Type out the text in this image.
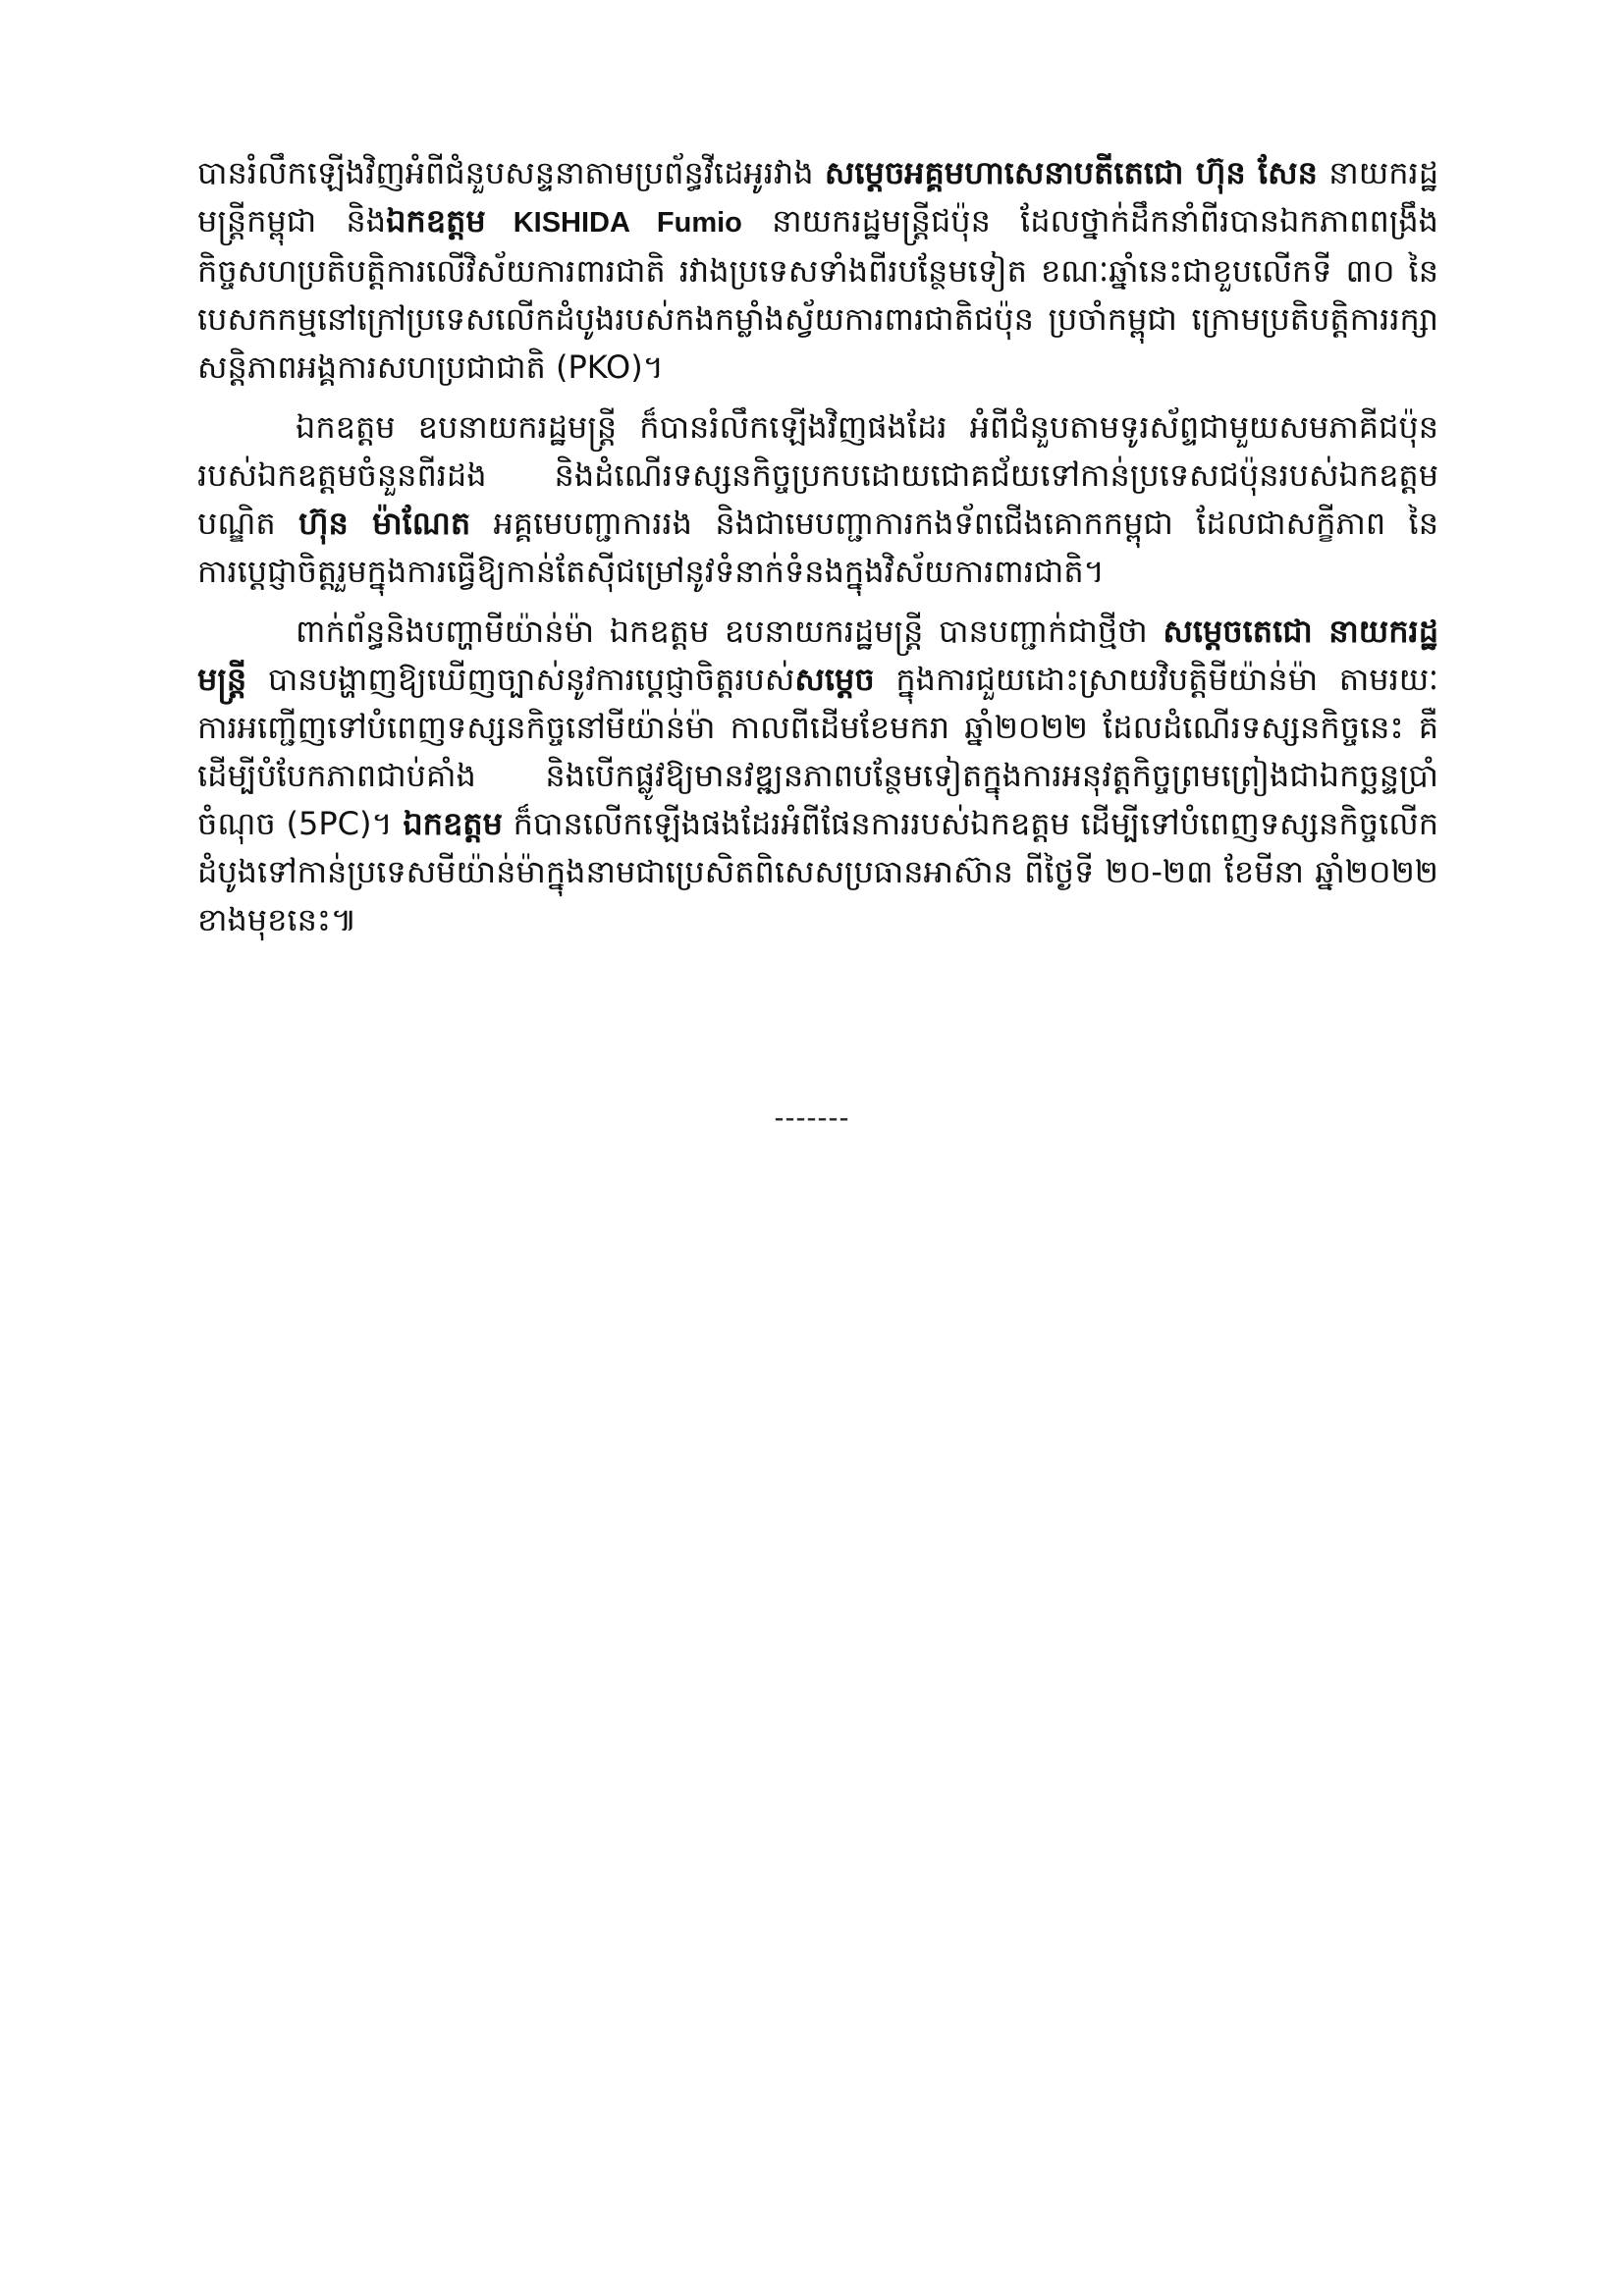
បានរំលឹកឡើងវិញអំពីជំនួបសន្ទនាតាមប្រព័ន្ធវីដេអូរវាង សម្តេចអគ្គមហាសេនាបតីតេជោ ហ៊ុន សែន នាយករដ្ឋមន្ត្រីកម្ពុជា និងឯកឧត្តម KISHIDA Fumio នាយករដ្ឋមន្ត្រីជប៉ុន ដែលថ្នាក់ដឹកនាំពីរបានឯកភាពពង្រឹងកិច្ចសហប្រតិបត្តិការលើវិស័យការពារជាតិ រវាងប្រទេសទាំងពីរបន្ថែមទៀត ខណៈឆ្នាំនេះជាខួបលើកទី ៣០ នៃបេសកកម្មនៅក្រៅប្រទេសលើកដំបូងរបស់កងកម្លាំងស្វ័យការពារជាតិជប៉ុន ប្រចាំកម្ពុជា ក្រោមប្រតិបត្តិការរក្សាសន្តិភាពអង្គការសហប្រជាជាតិ (PKO)។

ឯកឧត្តម ឧបនាយករដ្ឋមន្ត្រី ក៏បានរំលឹកឡើងវិញផងដែរ អំពីជំនួបតាមទូរស័ព្ទជាមួយសមភាគីជប៉ុនរបស់ឯកឧត្តមចំនួនពីរដង និងដំណើរទស្សនកិច្ចប្រកបដោយជោគជ័យទៅកាន់ប្រទេសជប៉ុនរបស់ឯកឧត្តម បណ្ឌិត ហ៊ុន ម៉ាណែត អគ្គមេបញ្ជាការរង និងជាមេបញ្ជាការកងទ័ពជើងគោកកម្ពុជា ដែលជាសក្ខីភាព នៃការប្តេជ្ញាចិត្តរួមក្នុងការធ្វើឱ្យកាន់តែស៊ីជម្រៅនូវទំនាក់ទំនងក្នុងវិស័យការពារជាតិ។

ពាក់ព័ន្ធនិងបញ្ហាមីយ៉ាន់ម៉ា ឯកឧត្តម ឧបនាយករដ្ឋមន្ត្រី បានបញ្ជាក់ជាថ្មីថា សម្តេចតេជោ នាយករដ្ឋមន្ត្រី បានបង្ហាញឱ្យឃើញច្បាស់នូវការប្តេជ្ញាចិត្តរបស់សម្តេច ក្នុងការជួយដោះស្រាយវិបត្តិមីយ៉ាន់ម៉ា តាមរយៈការអញ្ជើញទៅបំពេញទស្សនកិច្ចនៅមីយ៉ាន់ម៉ា កាលពីដើមខែមករា ឆ្នាំ២០២២ ដែលដំណើរទស្សនកិច្ចនេះ គឺដើម្បីបំបែកភាពជាប់គាំង និងបើកផ្លូវឱ្យមានវឌ្ឍនភាពបន្ថែមទៀតក្នុងការអនុវត្តកិច្ចព្រមព្រៀងជាឯកច្ឆន្ទប្រាំចំណុច (5PC)។ ឯកឧត្តម ក៏បានលើកឡើងផងដែរអំពីផែនការរបស់ឯកឧត្តម ដើម្បីទៅបំពេញទស្សនកិច្ចលើកដំបូងទៅកាន់ប្រទេសមីយ៉ាន់ម៉ាក្នុងនាមជាប្រេសិតពិសេសប្រធានអាស៊ាន ពីថ្ងៃទី ២០-២៣ ខែមីនា ឆ្នាំ២០២២ ខាងមុខនេះ៕

-------
